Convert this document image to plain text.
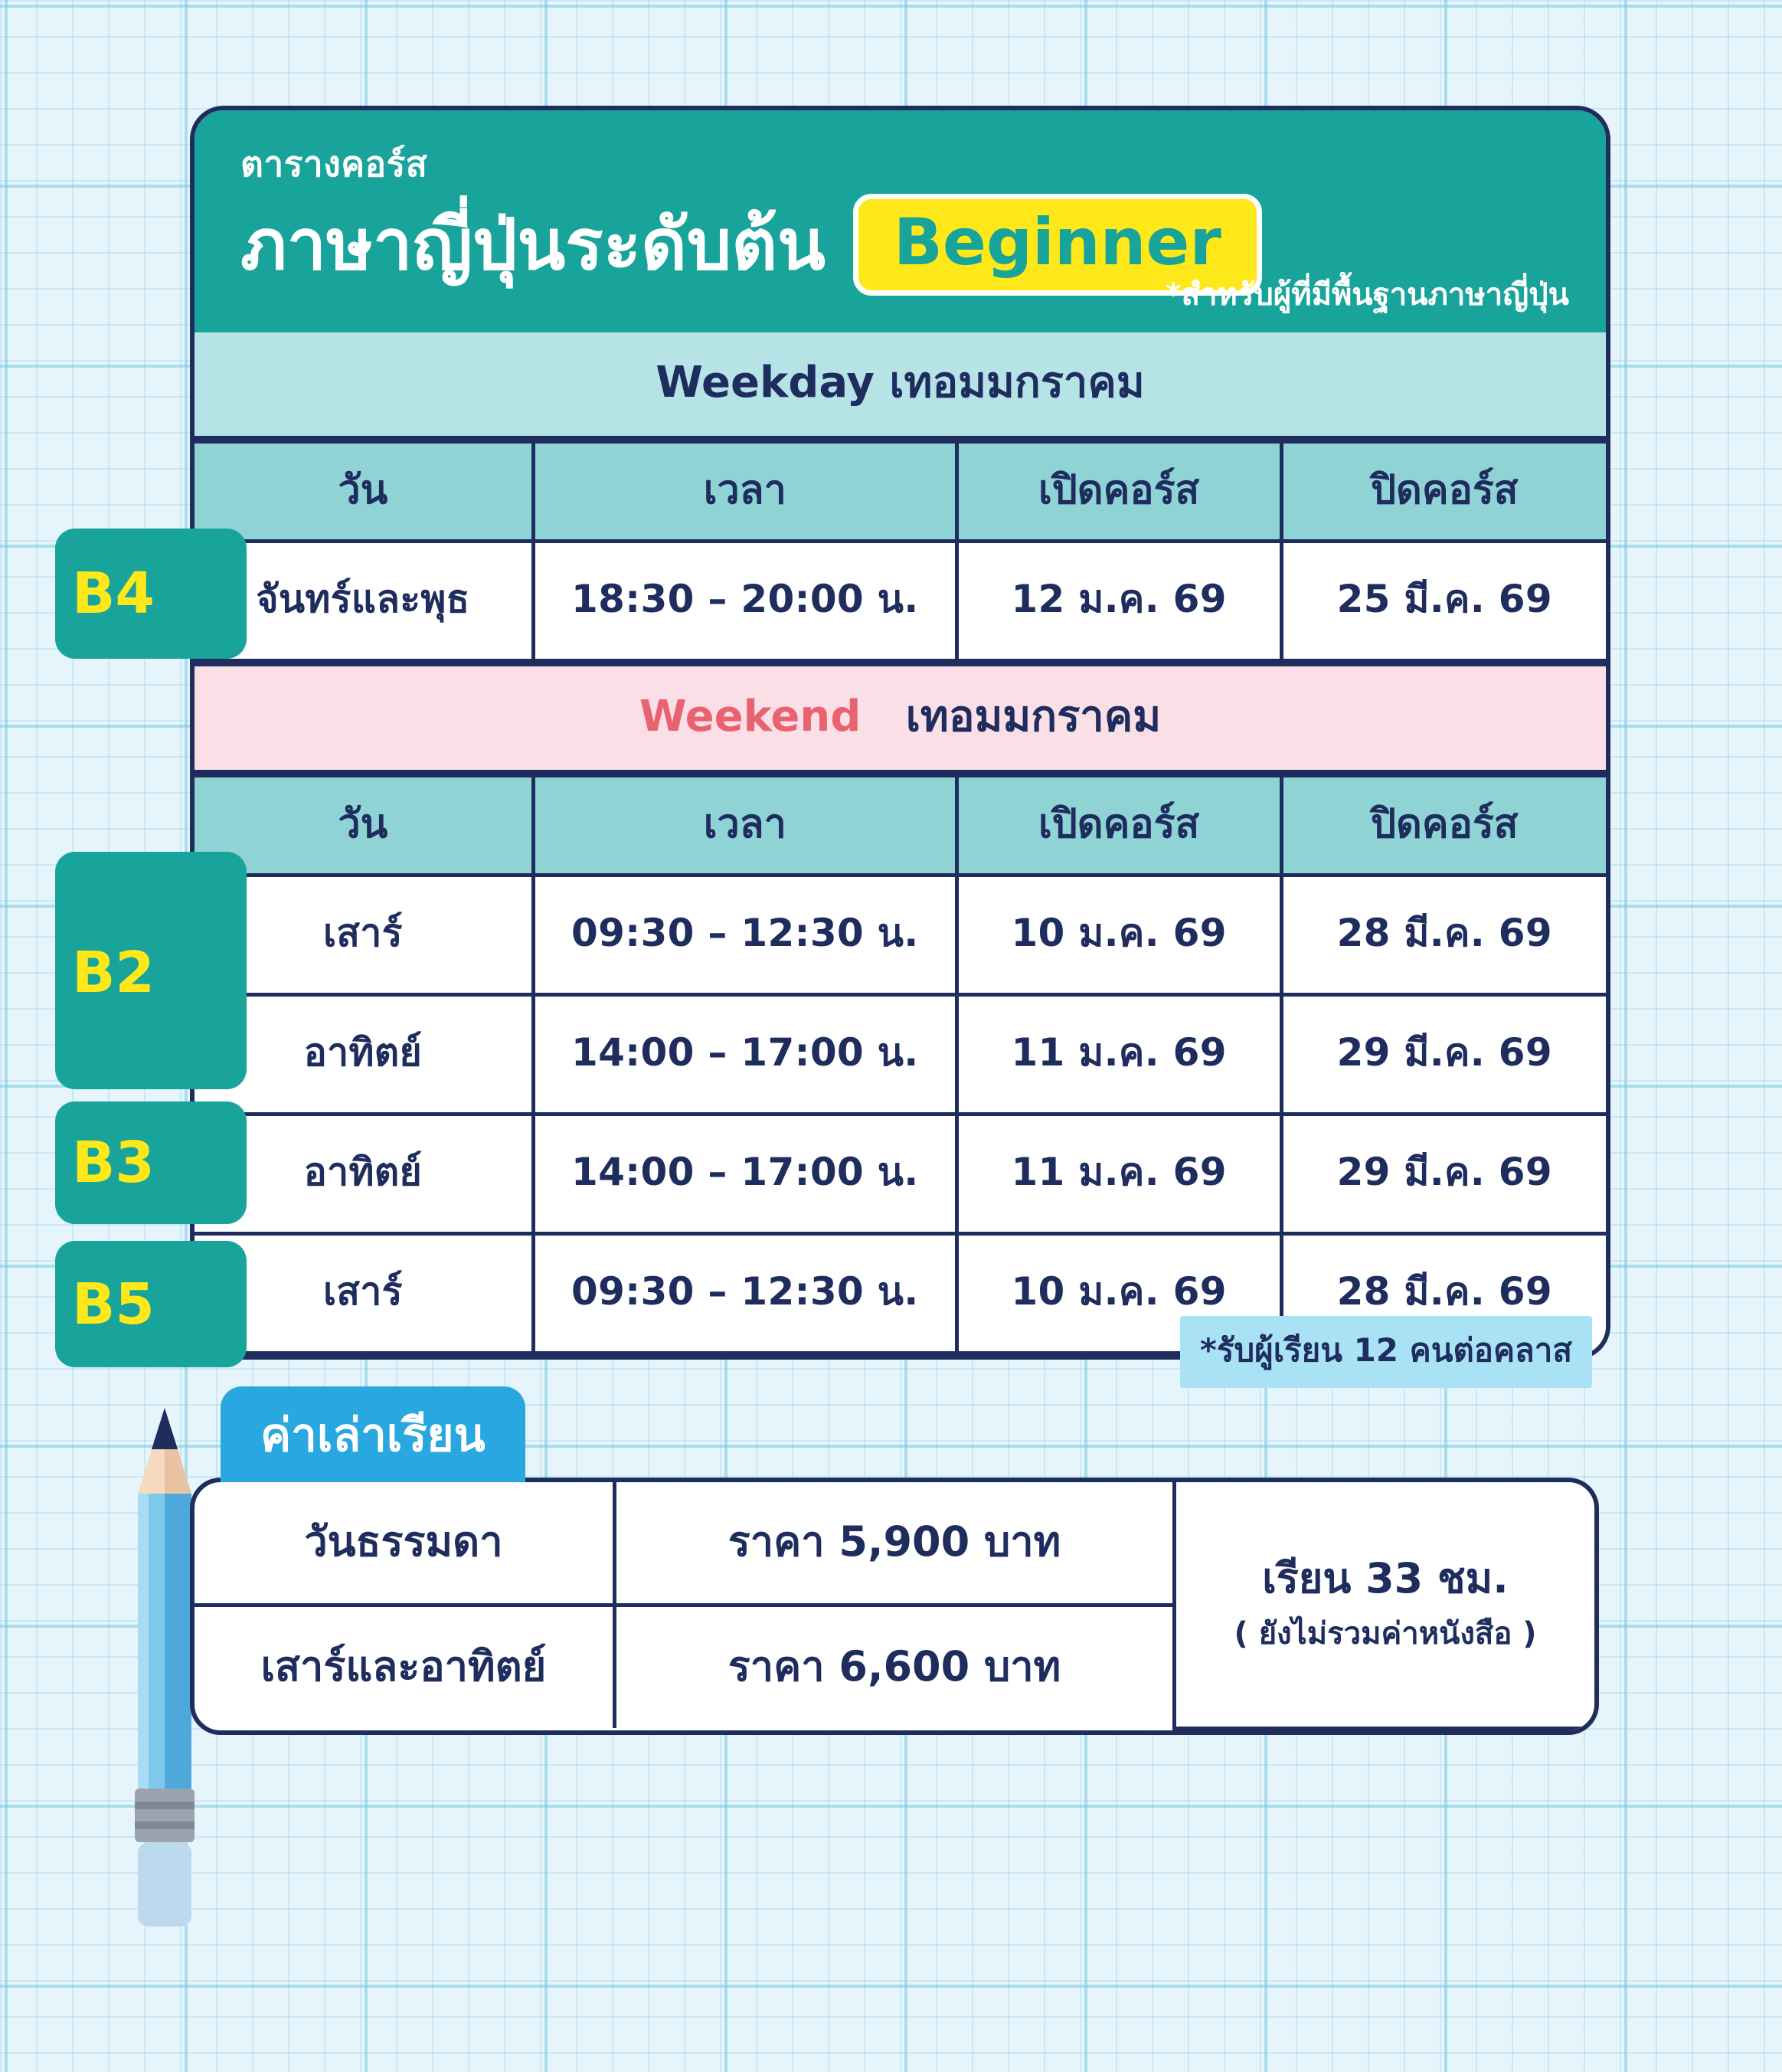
B4
B2
B3
B5
ตารางคอร์ส
ภาษาญี่ปุ่นระดับต้น	Beginner
*สำหรับผู้ที่มีพื้นฐานภาษาญี่ปุ่น
Weekday เทอมมกราคม
วัน	เวลา	เปิดคอร์ส	ปิดคอร์ส
จันทร์และพุธ	18:30 – 20:00 น.	12 ม.ค. 69	25 มี.ค. 69
Weekend เทอมมกราคม
วัน	เวลา	เปิดคอร์ส	ปิดคอร์ส
เสาร์	09:30 – 12:30 น.	10 ม.ค. 69	28 มี.ค. 69
อาทิตย์	14:00 – 17:00 น.	11 ม.ค. 69	29 มี.ค. 69
อาทิตย์	14:00 – 17:00 น.	11 ม.ค. 69	29 มี.ค. 69
เสาร์	09:30 – 12:30 น.	10 ม.ค. 69	28 มี.ค. 69
*รับผู้เรียน 12 คนต่อคลาส
ค่าเล่าเรียน
วันธรรมดา	ราคา 5,900 บาท	เรียน 33 ชม.
( ยังไม่รวมค่าหนังสือ )

เสาร์และอาทิตย์	ราคา 6,600 บาท	
